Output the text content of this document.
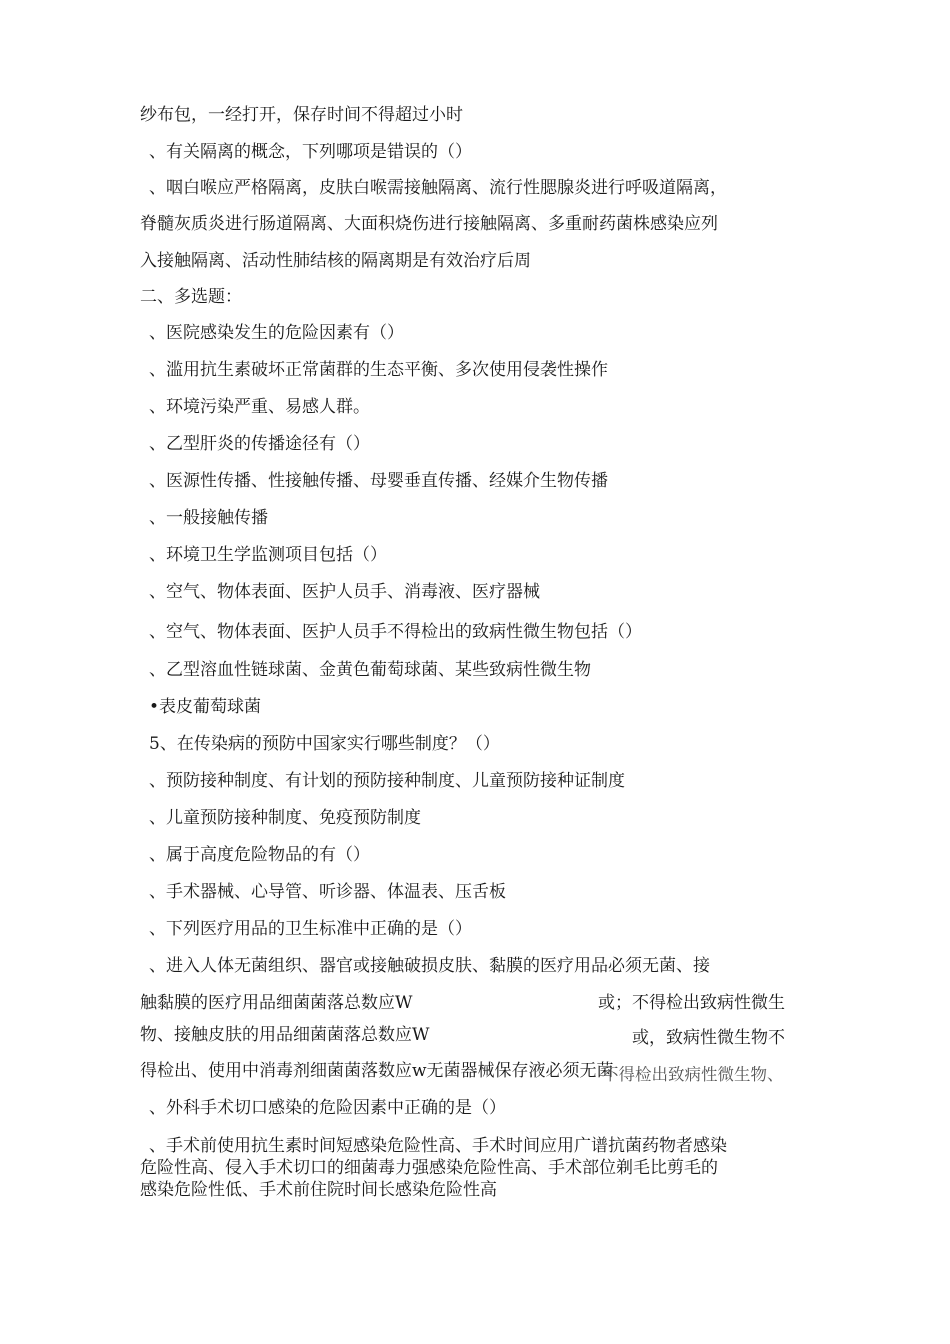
纱布包，一经打开，保存时间不得超过小时
、有关隔离的概念，下列哪项是错误的（）
、咽白喉应严格隔离，皮肤白喉需接触隔离、流行性腮腺炎进行呼吸道隔离，
脊髓灰质炎进行肠道隔离、大面积烧伤进行接触隔离、多重耐药菌株感染应列
入接触隔离、活动性肺结核的隔离期是有效治疗后周
二、多选题：
、医院感染发生的危险因素有（）
、滥用抗生素破坏正常菌群的生态平衡、多次使用侵袭性操作
、环境污染严重、易感人群。
、乙型肝炎的传播途径有（）
、医源性传播、性接触传播、母婴垂直传播、经媒介生物传播
、一般接触传播
、环境卫生学监测项目包括（）
、空气、物体表面、医护人员手、消毒液、医疗器械
、空气、物体表面、医护人员手不得检出的致病性微生物包括（）
、乙型溶血性链球菌、金黄色葡萄球菌、某些致病性微生物
•表皮葡萄球菌
5、在传染病的预防中国家实行哪些制度？（）
、预防接种制度、有计划的预防接种制度、儿童预防接种证制度
、儿童预防接种制度、免疫预防制度
、属于高度危险物品的有（）
、手术器械、心导管、听诊器、体温表、压舌板
、下列医疗用品的卫生标准中正确的是（）
、进入人体无菌组织、器官或接触破损皮肤、黏膜的医疗用品必须无菌、接
触黏膜的医疗用品细菌菌落总数应W	或；不得检出致病性微生
物、接触皮肤的用品细菌菌落总数应W	或，致病性微生物不
得检出、使用中消毒剂细菌菌落数应w无菌器械保存液必须无菌
不得检出致病性微生物、
、外科手术切口感染的危险因素中正确的是（）
、手术前使用抗生素时间短感染危险性高、手术时间应用广谱抗菌药物者感染
危险性高、侵入手术切口的细菌毒力强感染危险性高、手术部位剃毛比剪毛的
感染危险性低、手术前住院时间长感染危险性高
